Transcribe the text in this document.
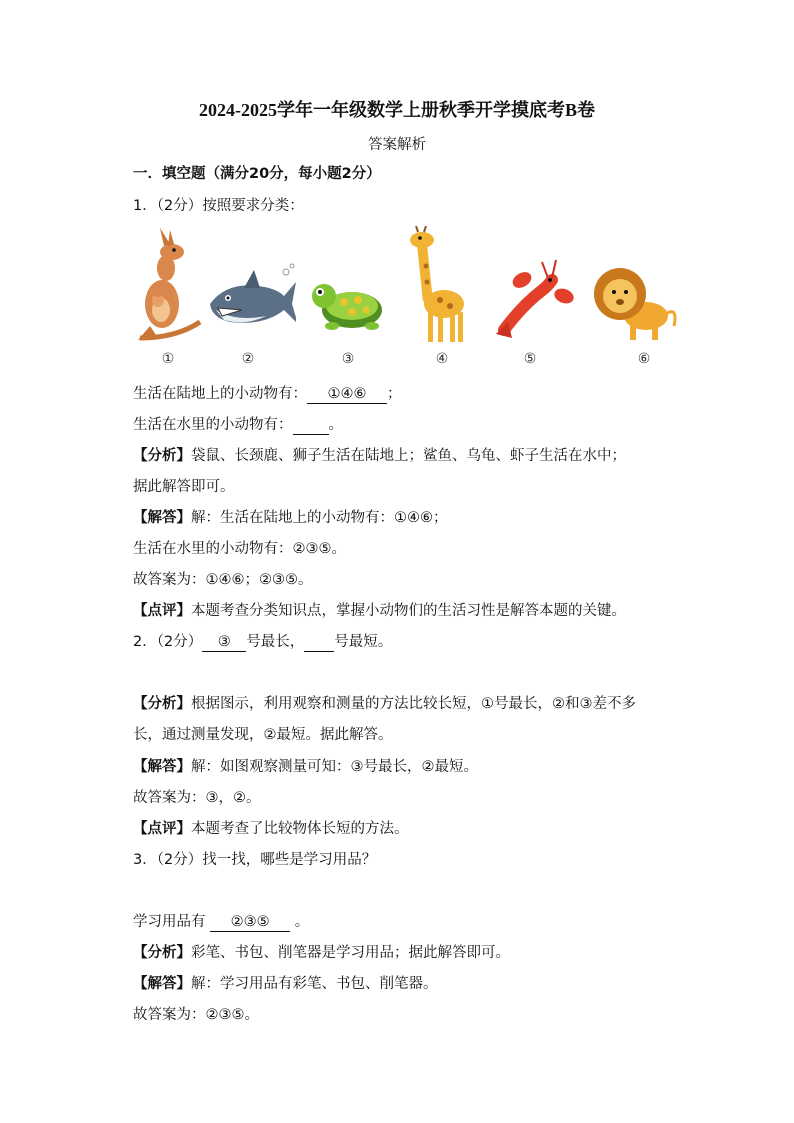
2024-2025学年一年级数学上册秋季开学摸底考B卷
答案解析
一．填空题（满分20分，每小题2分）
1．（2分）按照要求分类：
①	②	③	④	⑤	⑥
生活在陆地上的小动物有： ①④⑥ ；
生活在水里的小动物有： 。
【分析】袋鼠、长颈鹿、狮子生活在陆地上；鲨鱼、乌龟、虾子生活在水中；
据此解答即可。
【解答】解：生活在陆地上的小动物有：①④⑥；
生活在水里的小动物有：②③⑤。
故答案为：①④⑥；②③⑤。
【点评】本题考查分类知识点，掌握小动物们的生活习性是解答本题的关键。
2．（2分） ③ 号最长， 号最短。
【分析】根据图示，利用观察和测量的方法比较长短，①号最长，②和③差不多
长，通过测量发现，②最短。据此解答。
【解答】解：如图观察测量可知：③号最长，②最短。
故答案为：③，②。
【点评】本题考查了比较物体长短的方法。
3．（2分）找一找，哪些是学习用品？
学习用品有 ②③⑤ 。
【分析】彩笔、书包、削笔器是学习用品；据此解答即可。
【解答】解：学习用品有彩笔、书包、削笔器。
故答案为：②③⑤。
